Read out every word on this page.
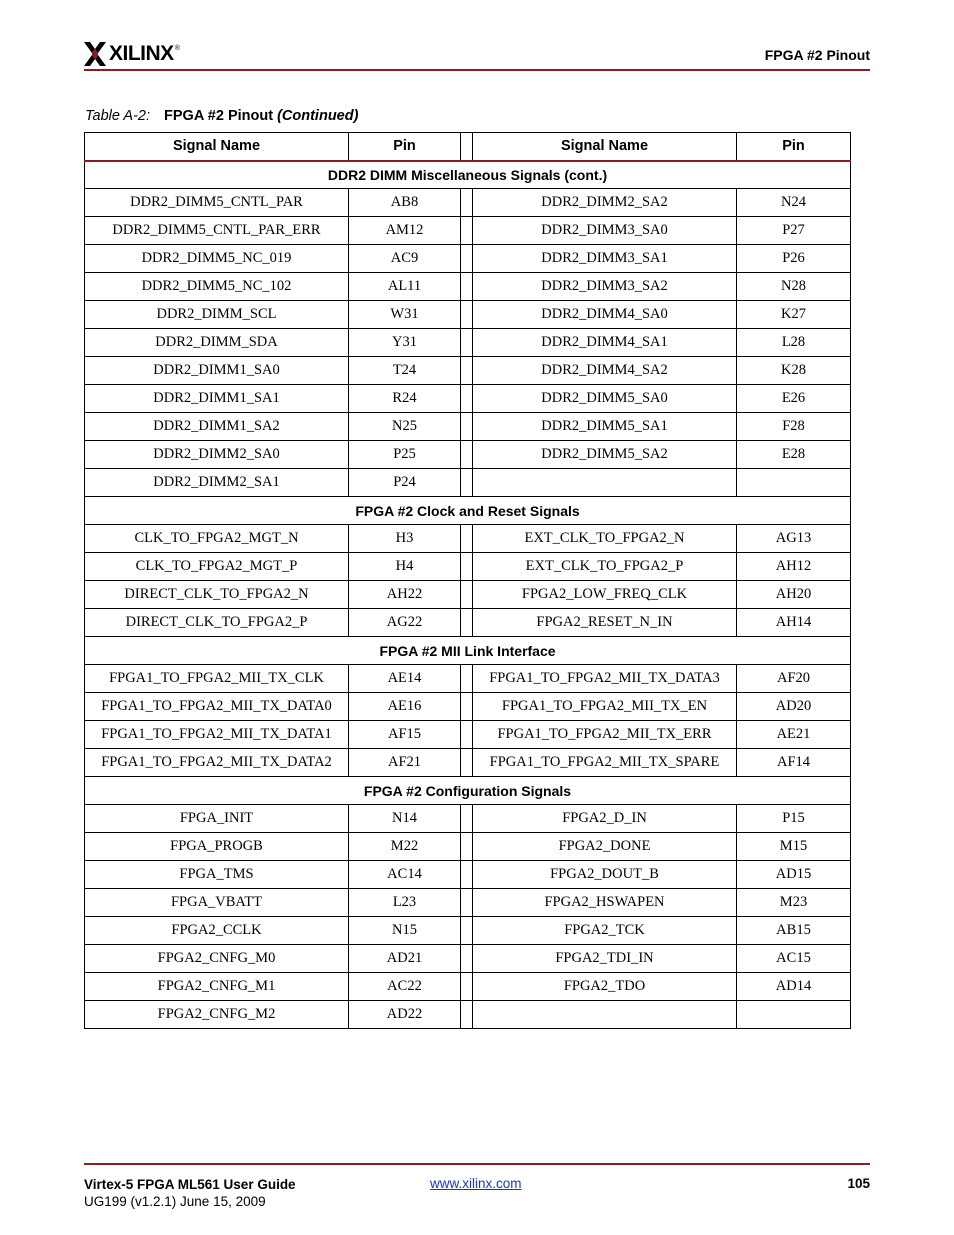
XILINX ®	FPGA #2 Pinout
Table A-2: FPGA #2 Pinout (Continued)
Signal Name	Pin		Signal Name	Pin
DDR2 DIMM Miscellaneous Signals (cont.)				
DDR2_DIMM5_CNTL_PAR	AB8		DDR2_DIMM2_SA2	N24
DDR2_DIMM5_CNTL_PAR_ERR	AM12		DDR2_DIMM3_SA0	P27
DDR2_DIMM5_NC_019	AC9		DDR2_DIMM3_SA1	P26
DDR2_DIMM5_NC_102	AL11		DDR2_DIMM3_SA2	N28
DDR2_DIMM_SCL	W31		DDR2_DIMM4_SA0	K27
DDR2_DIMM_SDA	Y31		DDR2_DIMM4_SA1	L28
DDR2_DIMM1_SA0	T24		DDR2_DIMM4_SA2	K28
DDR2_DIMM1_SA1	R24		DDR2_DIMM5_SA0	E26
DDR2_DIMM1_SA2	N25		DDR2_DIMM5_SA1	F28
DDR2_DIMM2_SA0	P25		DDR2_DIMM5_SA2	E28
DDR2_DIMM2_SA1	P24			
FPGA #2 Clock and Reset Signals				
CLK_TO_FPGA2_MGT_N	H3		EXT_CLK_TO_FPGA2_N	AG13
CLK_TO_FPGA2_MGT_P	H4		EXT_CLK_TO_FPGA2_P	AH12
DIRECT_CLK_TO_FPGA2_N	AH22		FPGA2_LOW_FREQ_CLK	AH20
DIRECT_CLK_TO_FPGA2_P	AG22		FPGA2_RESET_N_IN	AH14
FPGA #2 MII Link Interface				
FPGA1_TO_FPGA2_MII_TX_CLK	AE14		FPGA1_TO_FPGA2_MII_TX_DATA3	AF20
FPGA1_TO_FPGA2_MII_TX_DATA0	AE16		FPGA1_TO_FPGA2_MII_TX_EN	AD20
FPGA1_TO_FPGA2_MII_TX_DATA1	AF15		FPGA1_TO_FPGA2_MII_TX_ERR	AE21
FPGA1_TO_FPGA2_MII_TX_DATA2	AF21		FPGA1_TO_FPGA2_MII_TX_SPARE	AF14
FPGA #2 Configuration Signals				
FPGA_INIT	N14		FPGA2_D_IN	P15
FPGA_PROGB	M22		FPGA2_DONE	M15
FPGA_TMS	AC14		FPGA2_DOUT_B	AD15
FPGA_VBATT	L23		FPGA2_HSWAPEN	M23
FPGA2_CCLK	N15		FPGA2_TCK	AB15
FPGA2_CNFG_M0	AD21		FPGA2_TDI_IN	AC15
FPGA2_CNFG_M1	AC22		FPGA2_TDO	AD14
FPGA2_CNFG_M2	AD22			
Virtex-5 FPGA ML561 User Guide
UG199 (v1.2.1) June 15, 2009
www.xilinx.com	105
